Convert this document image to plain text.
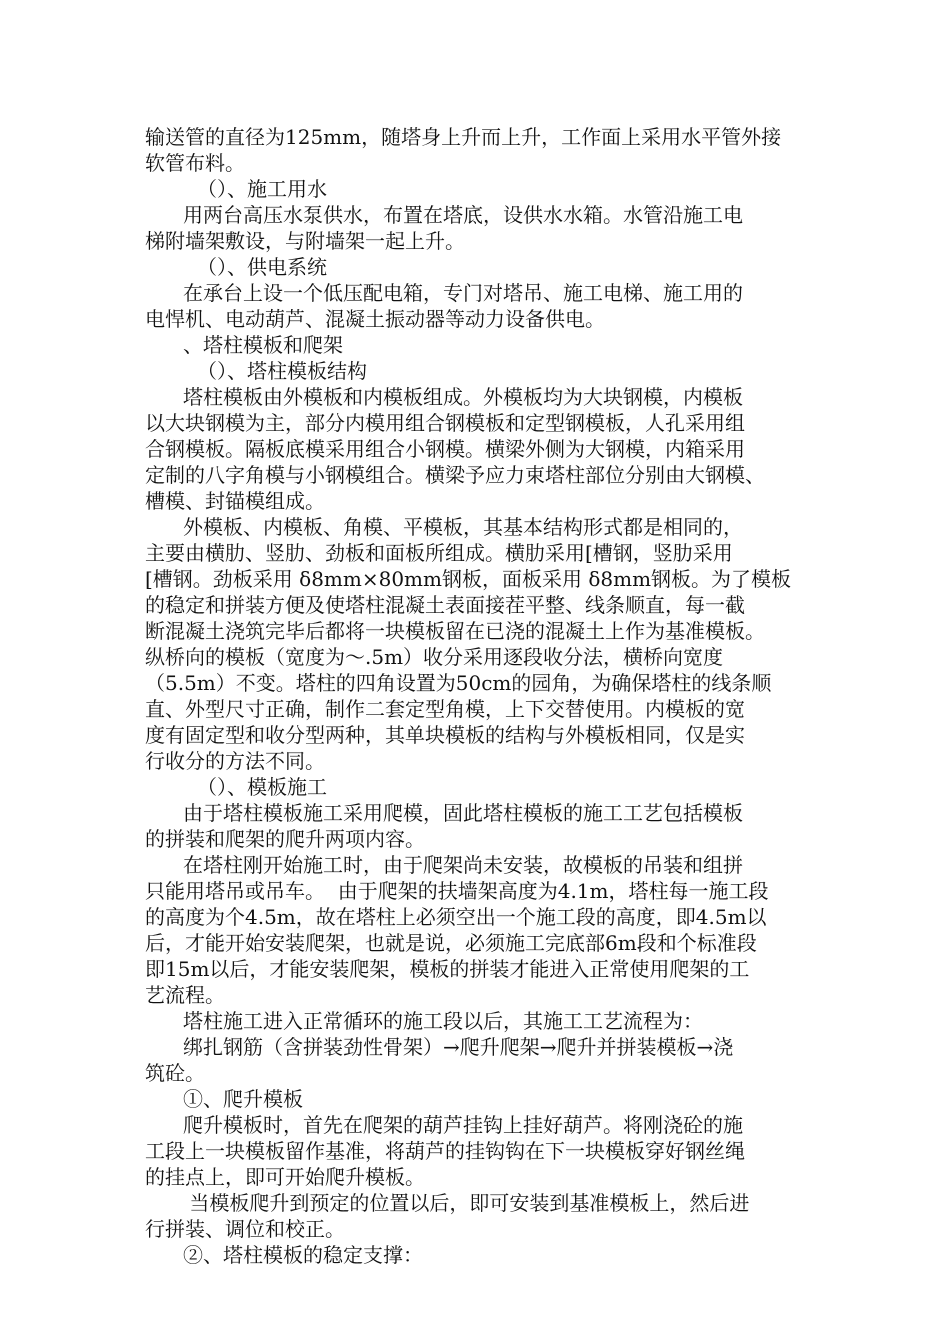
输送管的直径为125mm，随塔身上升而上升，工作面上采用水平管外接
软管布料。
（）、施工用水
用两台高压水泵供水，布置在塔底，设供水水箱。水管沿施工电
梯附墙架敷设，与附墙架一起上升。
（）、供电系统
在承台上设一个低压配电箱，专门对塔吊、施工电梯、施工用的
电悍机、电动葫芦、混凝土振动器等动力设备供电。
、塔柱模板和爬架
（）、塔柱模板结构
塔柱模板由外模板和内模板组成。外模板均为大块钢模，内模板
以大块钢模为主，部分内模用组合钢模板和定型钢模板，人孔采用组
合钢模板。隔板底模采用组合小钢模。横梁外侧为大钢模，内箱采用
定制的八字角模与小钢模组合。横梁予应力束塔柱部位分别由大钢模、
槽模、封锚模组成。
外模板、内模板、角模、平模板，其基本结构形式都是相同的，
主要由横肋、竖肋、劲板和面板所组成。横肋采用[槽钢，竖肋采用
[槽钢。劲板采用 δ8mm×80mm钢板，面板采用 δ8mm钢板。为了模板
的稳定和拼装方便及使塔柱混凝土表面接茬平整、线条顺直，每一截
断混凝土浇筑完毕后都将一块模板留在已浇的混凝土上作为基准模板。
纵桥向的模板（宽度为～.5m）收分采用逐段收分法，横桥向宽度
（5.5m）不变。塔柱的四角设置为50cm的园角，为确保塔柱的线条顺
直、外型尺寸正确，制作二套定型角模，上下交替使用。内模板的宽
度有固定型和收分型两种，其单块模板的结构与外模板相同，仅是实
行收分的方法不同。
（）、模板施工
由于塔柱模板施工采用爬模，固此塔柱模板的施工工艺包括模板
的拼装和爬架的爬升两项内容。
在塔柱刚开始施工时，由于爬架尚未安装，故模板的吊装和组拼
只能用塔吊或吊车。  由于爬架的扶墙架高度为4.1m，塔柱每一施工段
的高度为个4.5m，故在塔柱上必须空出一个施工段的高度，即4.5m以
后，才能开始安装爬架，也就是说，必须施工完底部6m段和个标准段
即15m以后，才能安装爬架，模板的拼装才能进入正常使用爬架的工
艺流程。
塔柱施工进入正常循环的施工段以后，其施工工艺流程为：
绑扎钢筋（含拼装劲性骨架）→爬升爬架→爬升并拼装模板→浇
筑砼。
①、爬升模板
爬升模板时，首先在爬架的葫芦挂钩上挂好葫芦。将刚浇砼的施
工段上一块模板留作基准，将葫芦的挂钩钩在下一块模板穿好钢丝绳
的挂点上，即可开始爬升模板。
当模板爬升到预定的位置以后，即可安装到基准模板上，然后进
行拼装、调位和校正。
②、塔柱模板的稳定支撑：
